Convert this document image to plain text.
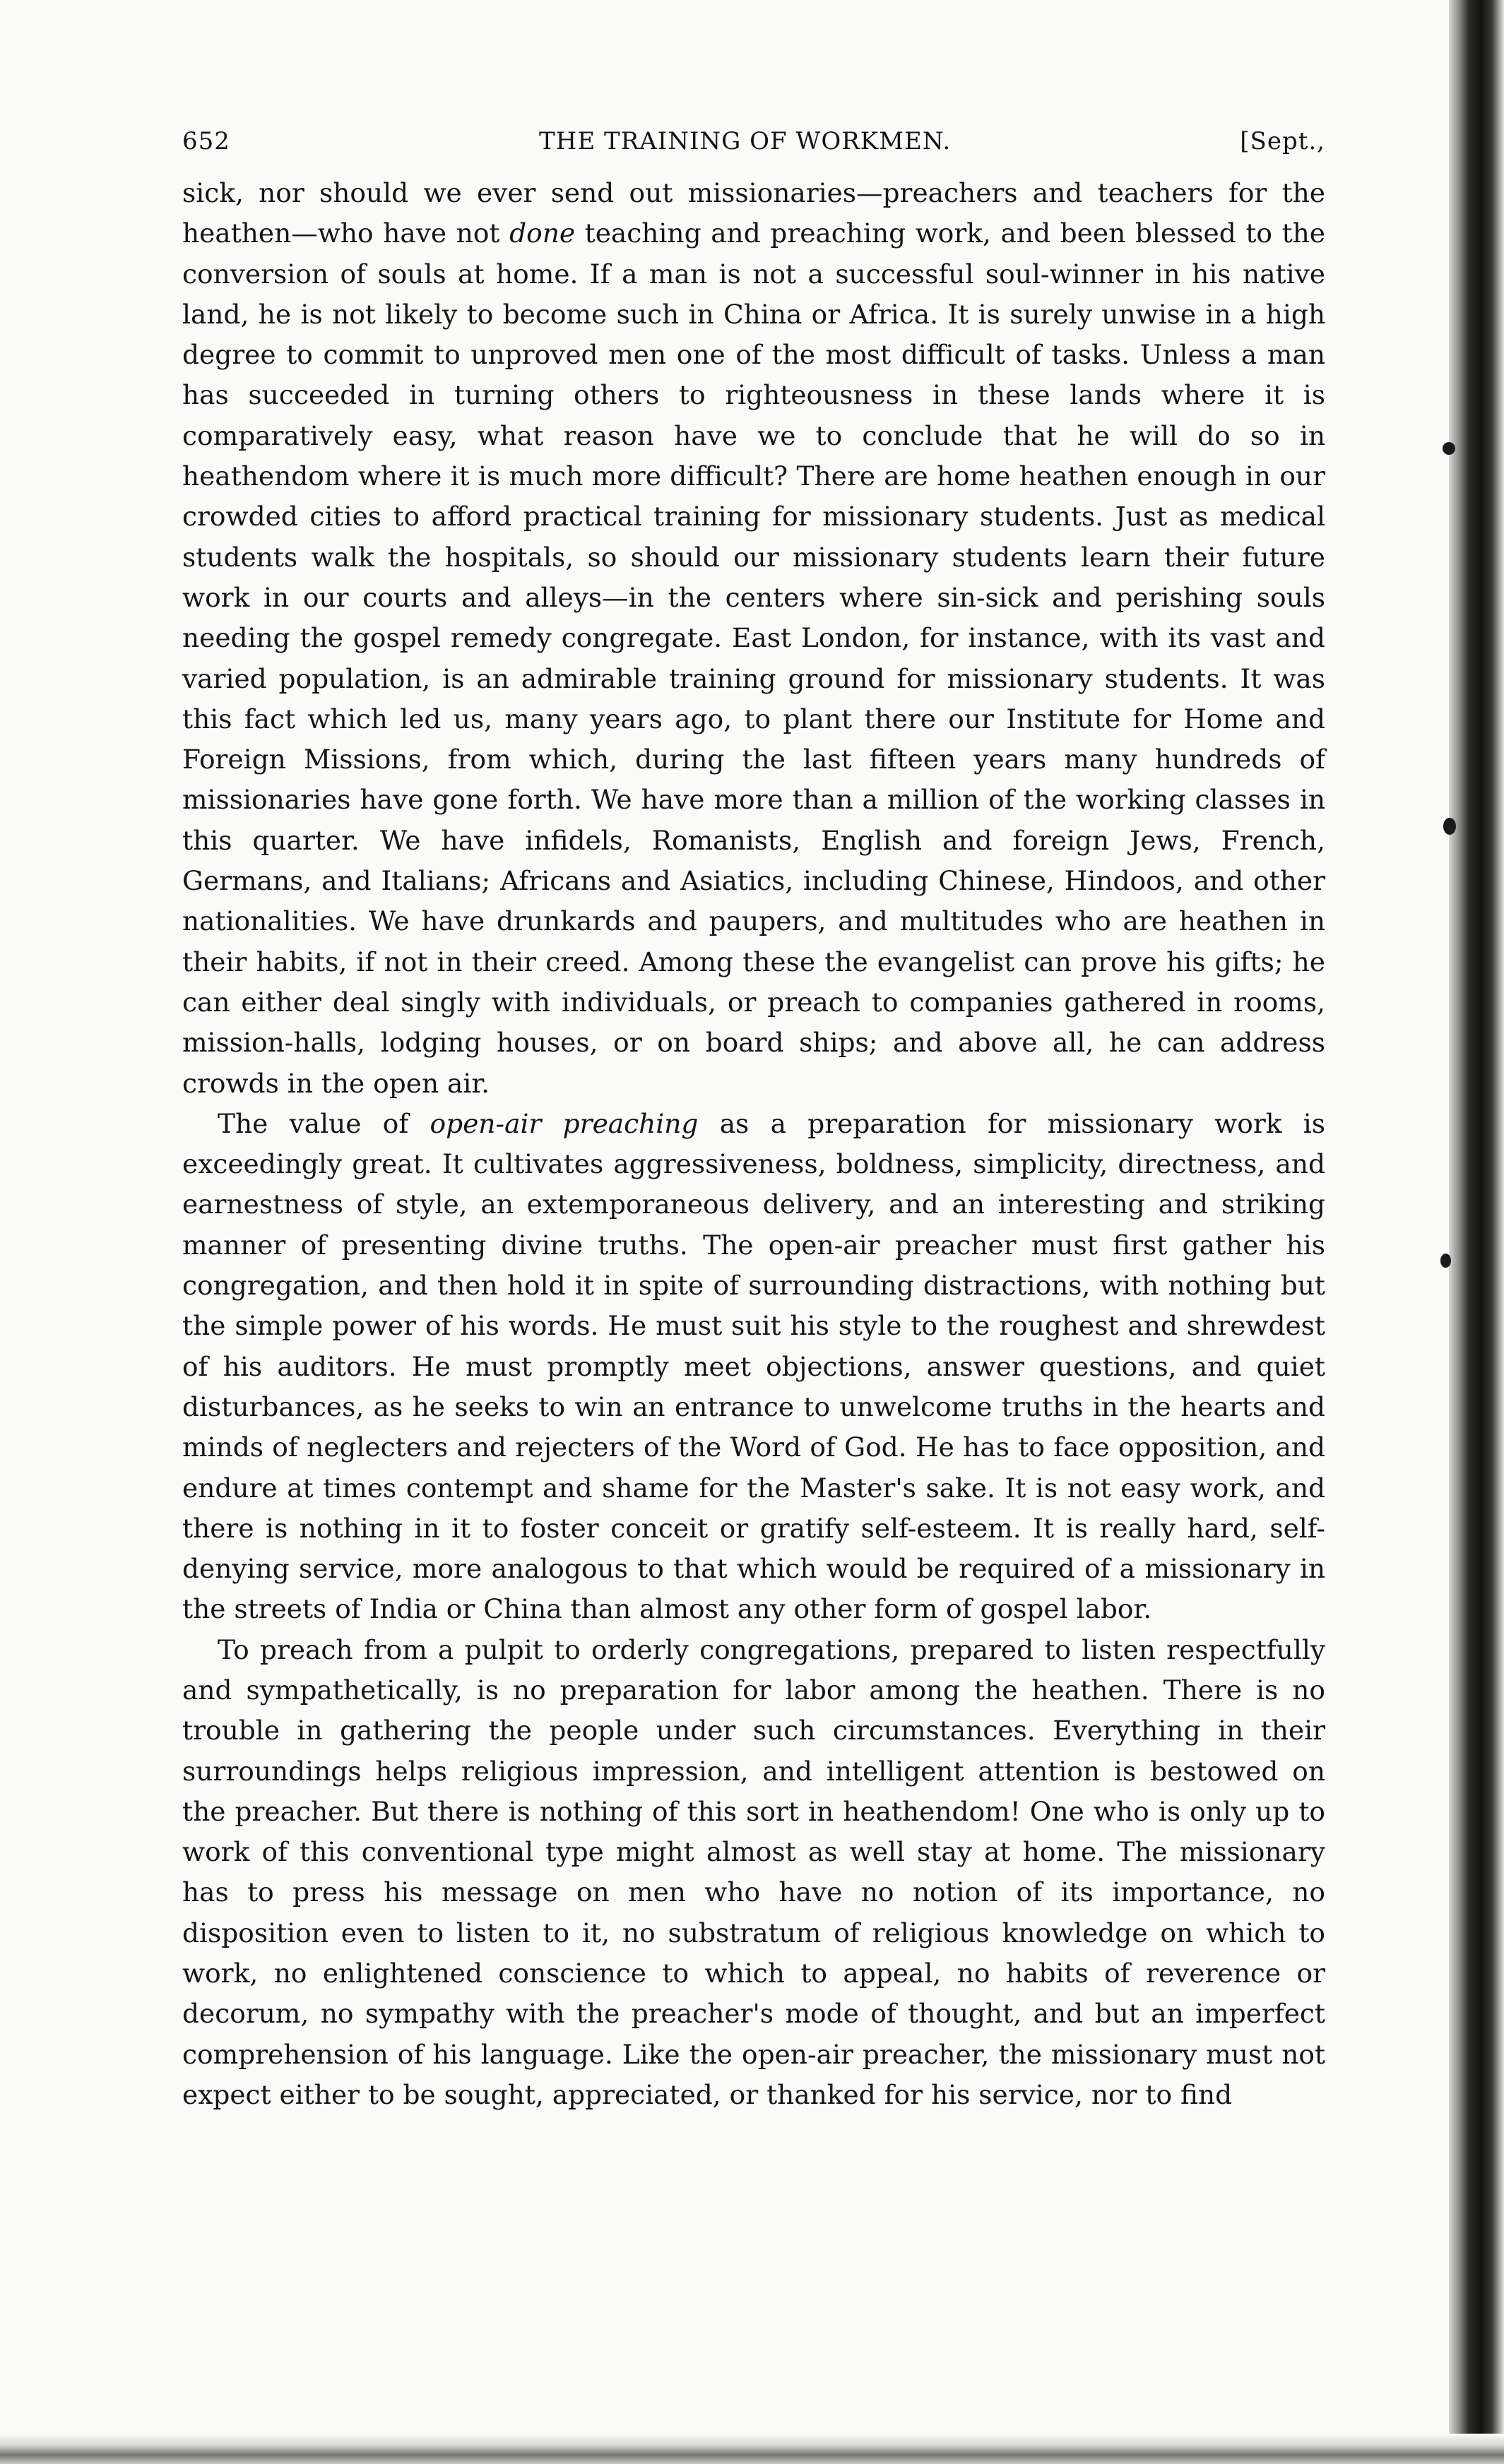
652	THE TRAINING OF WORKMEN.	[Sept.,

sick, nor should we ever send out missionaries—preachers and teachers for the heathen—who have not done teaching and preaching work, and been blessed to the conversion of souls at home. If a man is not a successful soul-winner in his native land, he is not likely to become such in China or Africa. It is surely unwise in a high degree to commit to unproved men one of the most difficult of tasks. Unless a man has succeeded in turning others to righteousness in these lands where it is comparatively easy, what reason have we to conclude that he will do so in heathendom where it is much more difficult? There are home heathen enough in our crowded cities to afford practical training for missionary students. Just as medical students walk the hospitals, so should our missionary students learn their future work in our courts and alleys—in the centers where sin-sick and perishing souls needing the gospel remedy congregate. East London, for instance, with its vast and varied population, is an admirable training ground for missionary students. It was this fact which led us, many years ago, to plant there our Institute for Home and Foreign Missions, from which, during the last fifteen years many hundreds of missionaries have gone forth. We have more than a million of the working classes in this quarter. We have infidels, Romanists, English and foreign Jews, French, Germans, and Italians; Africans and Asiatics, including Chinese, Hindoos, and other nationalities. We have drunkards and paupers, and multitudes who are heathen in their habits, if not in their creed. Among these the evangelist can prove his gifts; he can either deal singly with individuals, or preach to companies gathered in rooms, mission-halls, lodging houses, or on board ships; and above all, he can address crowds in the open air.

The value of open-air preaching as a preparation for missionary work is exceedingly great. It cultivates aggressiveness, boldness, simplicity, directness, and earnestness of style, an extemporaneous delivery, and an interesting and striking manner of presenting divine truths. The open-air preacher must first gather his congregation, and then hold it in spite of surrounding distractions, with nothing but the simple power of his words. He must suit his style to the roughest and shrewdest of his auditors. He must promptly meet objections, answer questions, and quiet disturbances, as he seeks to win an entrance to unwelcome truths in the hearts and minds of neglecters and rejecters of the Word of God. He has to face opposition, and endure at times contempt and shame for the Master's sake. It is not easy work, and there is nothing in it to foster conceit or gratify self-esteem. It is really hard, self-denying service, more analogous to that which would be required of a missionary in the streets of India or China than almost any other form of gospel labor.

To preach from a pulpit to orderly congregations, prepared to listen respectfully and sympathetically, is no preparation for labor among the heathen. There is no trouble in gathering the people under such circumstances. Everything in their surroundings helps religious impression, and intelligent attention is bestowed on the preacher. But there is nothing of this sort in heathendom! One who is only up to work of this conventional type might almost as well stay at home. The missionary has to press his message on men who have no notion of its importance, no disposition even to listen to it, no substratum of religious knowledge on which to work, no enlightened conscience to which to appeal, no habits of reverence or decorum, no sympathy with the preacher's mode of thought, and but an imperfect comprehension of his language. Like the open-air preacher, the missionary must not expect either to be sought, appreciated, or thanked for his service, nor to find
